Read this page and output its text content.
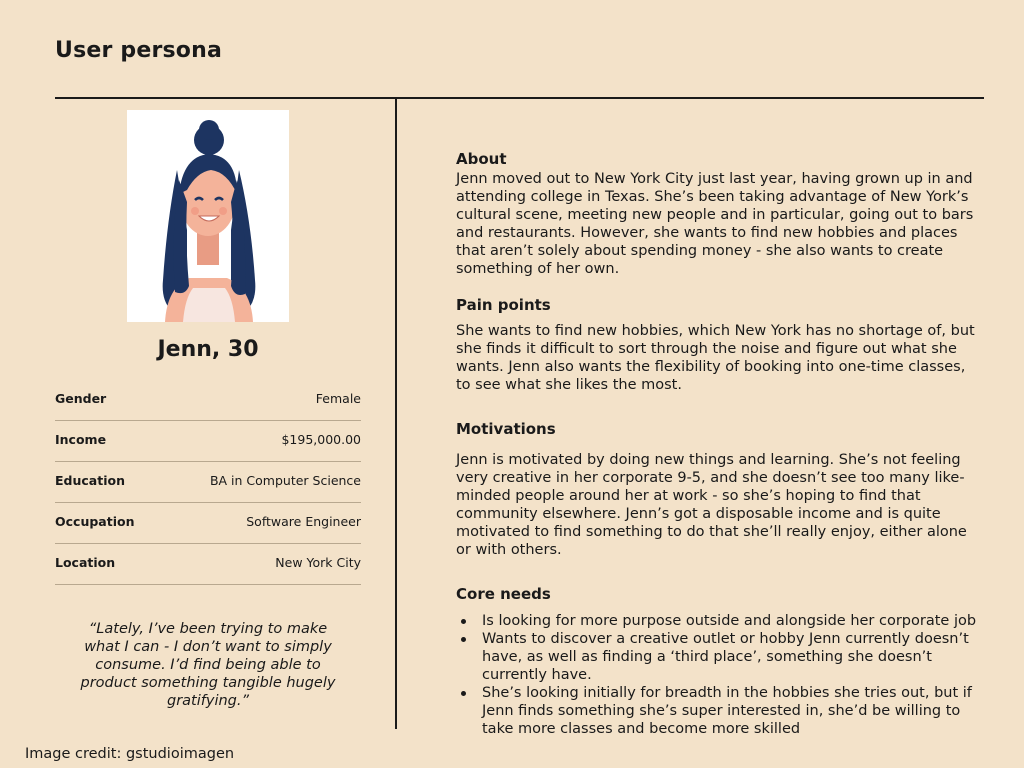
User persona
Jenn, 30
Gender	Female
Income	$195,000.00
Education	BA in Computer Science
Occupation	Software Engineer
Location	New York City
“Lately, I’ve been trying to make what I can - I don’t want to simply consume. I’d find being able to product something tangible hugely gratifying.”
Image credit: gstudioimagen
About
Jenn moved out to New York City just last year, having grown up in and attending college in Texas. She’s been taking advantage of New York’s cultural scene, meeting new people and in particular, going out to bars and restaurants. However, she wants to find new hobbies and places that aren’t solely about spending money - she also wants to create something of her own.
Pain points
She wants to find new hobbies, which New York has no shortage of, but she finds it difficult to sort through the noise and figure out what she wants. Jenn also wants the flexibility of booking into one-time classes, to see what she likes the most.
Motivations
Jenn is motivated by doing new things and learning. She’s not feeling very creative in her corporate 9-5, and she doesn’t see too many like-minded people around her at work - so she’s hoping to find that community elsewhere. Jenn’s got a disposable income and is quite motivated to find something to do that she’ll really enjoy, either alone or with others.
Core needs
Is looking for more purpose outside and alongside her corporate job
Wants to discover a creative outlet or hobby Jenn currently doesn’t have, as well as finding a ‘third place’, something she doesn’t currently have.
She’s looking initially for breadth in the hobbies she tries out, but if Jenn finds something she’s super interested in, she’d be willing to take more classes and become more skilled
